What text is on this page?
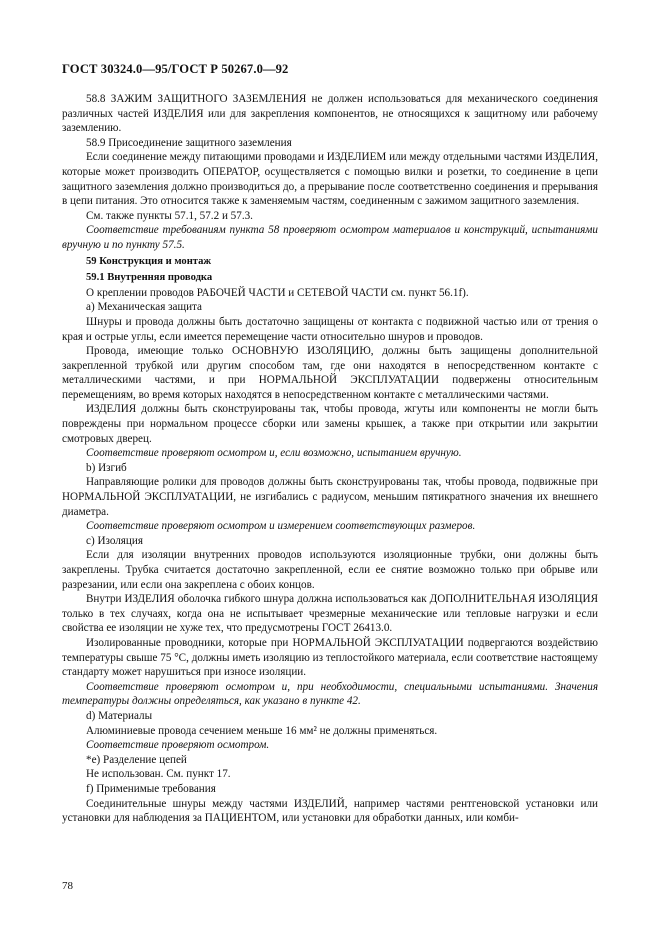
ГОСТ 30324.0—95/ГОСТ Р 50267.0—92

58.8 ЗАЖИМ ЗАЩИТНОГО ЗАЗЕМЛЕНИЯ не должен использоваться для механического соединения различных частей ИЗДЕЛИЯ или для закрепления компонентов, не относящихся к защитному или рабочему заземлению.

58.9 Присоединение защитного заземления

Если соединение между питающими проводами и ИЗДЕЛИЕМ или между отдельными частями ИЗДЕЛИЯ, которые может производить ОПЕРАТОР, осуществляется с помощью вилки и розетки, то соединение в цепи защитного заземления должно производиться до, а прерывание после соответственно соединения и прерывания в цепи питания. Это относится также к заменяемым частям, соединенным с зажимом защитного заземления.

См. также пункты 57.1, 57.2 и 57.3.

Соответствие требованиям пункта 58 проверяют осмотром материалов и конструкций, испытаниями вручную и по пункту 57.5.

59 Конструкция и монтаж

59.1 Внутренняя проводка

О креплении проводов РАБОЧЕЙ ЧАСТИ и СЕТЕВОЙ ЧАСТИ см. пункт 56.1f).

а) Механическая защита

Шнуры и провода должны быть достаточно защищены от контакта с подвижной частью или от трения о края и острые углы, если имеется перемещение части относительно шнуров и проводов.

Провода, имеющие только ОСНОВНУЮ ИЗОЛЯЦИЮ, должны быть защищены дополнительной закрепленной трубкой или другим способом там, где они находятся в непосредственном контакте с металлическими частями, и при НОРМАЛЬНОЙ ЭКСПЛУАТАЦИИ подвержены относительным перемещениям, во время которых находятся в непосредственном контакте с металлическими частями.

ИЗДЕЛИЯ должны быть сконструированы так, чтобы провода, жгуты или компоненты не могли быть повреждены при нормальном процессе сборки или замены крышек, а также при открытии или закрытии смотровых дверец.

Соответствие проверяют осмотром и, если возможно, испытанием вручную.

b) Изгиб

Направляющие ролики для проводов должны быть сконструированы так, чтобы провода, подвижные при НОРМАЛЬНОЙ ЭКСПЛУАТАЦИИ, не изгибались с радиусом, меньшим пятикратного значения их внешнего диаметра.

Соответствие проверяют осмотром и измерением соответствующих размеров.

с) Изоляция

Если для изоляции внутренних проводов используются изоляционные трубки, они должны быть закреплены. Трубка считается достаточно закрепленной, если ее снятие возможно только при обрыве или разрезании, или если она закреплена с обоих концов.

Внутри ИЗДЕЛИЯ оболочка гибкого шнура должна использоваться как ДОПОЛНИТЕЛЬНАЯ ИЗОЛЯЦИЯ только в тех случаях, когда она не испытывает чрезмерные механические или тепловые нагрузки и если свойства ее изоляции не хуже тех, что предусмотрены ГОСТ 26413.0.

Изолированные проводники, которые при НОРМАЛЬНОЙ ЭКСПЛУАТАЦИИ подвергаются воздействию температуры свыше 75 °С, должны иметь изоляцию из теплостойкого материала, если соответствие настоящему стандарту может нарушиться при износе изоляции.

Соответствие проверяют осмотром и, при необходимости, специальными испытаниями. Значения температуры должны определяться, как указано в пункте 42.

d) Материалы

Алюминиевые провода сечением меньше 16 мм² не должны применяться.

Соответствие проверяют осмотром.

*е) Разделение цепей

Не использован. См. пункт 17.

f) Применимые требования

Соединительные шнуры между частями ИЗДЕЛИЙ, например частями рентгеновской установки или установки для наблюдения за ПАЦИЕНТОМ, или установки для обработки данных, или комби-

78
